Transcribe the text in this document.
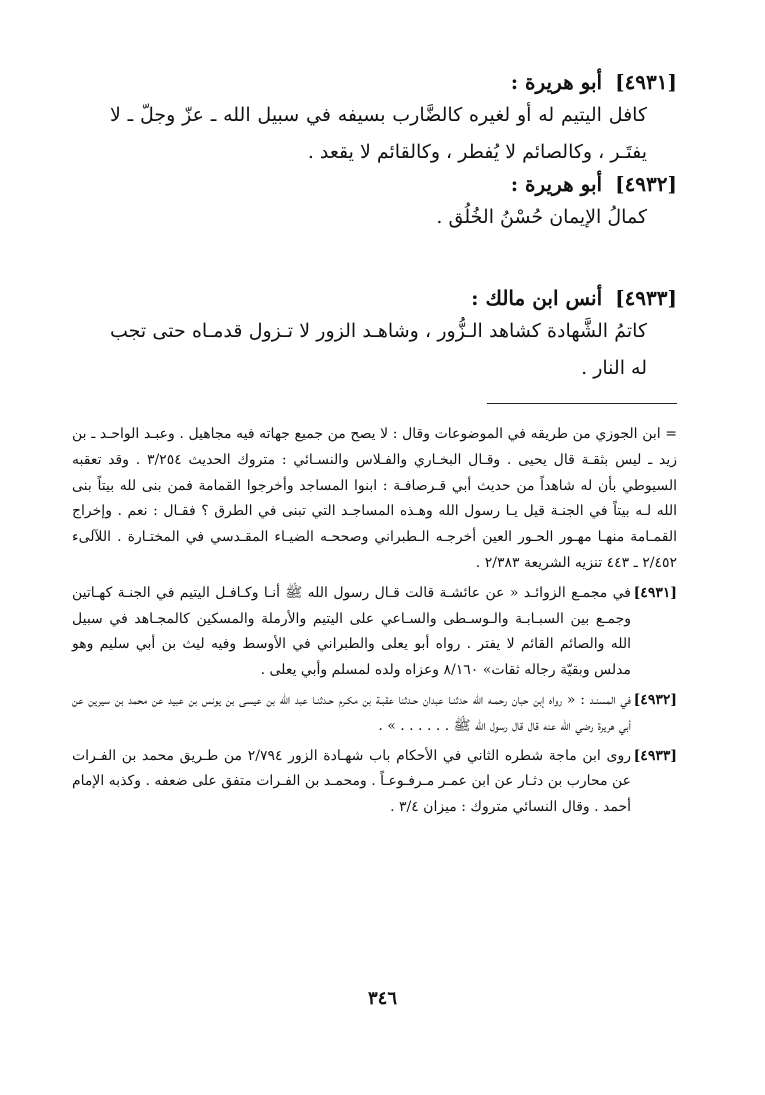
[٤٩٣١] أبو هريرة :
كافل اليتيم له أو لغيره كالضَّارب بسيفه في سبيل الله ـ عزّ وجلّ ـ لا يفتَـر ، وكالصائم لا يُفطر ، وكالقائم لا يقعد .
[٤٩٣٢] أبو هريرة :
كمالُ الإيمان حُسْنُ الخُلُق .
[٤٩٣٣] أنس ابن مالك :
كاتمُ الشَّهادة كشاهد الـزُّور ، وشاهـد الزور لا تـزول قدمـاه حتى تجب له النار .

= ابن الجوزي من طريقه في الموضوعات وقال : لا يصح من جميع جهاته فيه مجاهيل . وعبـد الواحـد ـ بن زيد ـ ليس بثقـة قال يحيى . وقـال البخـاري والفـلاس والنسـائي : متروك الحديث ٣/٢٥٤ . وقد تعقبه السيوطي بأن له شاهداً من حديث أبي قـرصافـة : ابنوا المساجد وأخرجوا القمامة فمن بنى لله بيتاً بنى الله لـه بيتاً في الجنـة قيل يـا رسول الله وهـذه المساجـد التي تبنى في الطرق ؟ فقـال : نعم . وإخراج القمـامة منهـا مهـور الحـور العين أخرجـه الـطبراني وصححـه الضيـاء المقـدسي في المختـارة . اللآلىء ٢/٤٥٢ ـ ٤٤٣ تنزيه الشريعة ٢/٣٨٣ .

[٤٩٣١]
في مجمـع الزوائـد « عن عائشـة قالت قـال رسول الله ﷺ أنـا وكـافـل اليتيم في الجنـة كهـاتين وجمـع بين السبـابـة والـوسـطى والسـاعي على اليتيم والأرملة والمسكين كالمجـاهد في سبيل الله والصائم القائم لا يفتر . رواه أبو يعلى والطبراني في الأوسط وفيه ليث بن أبي سليم وهو مدلس وبقيّة رجاله ثقات» ٨/١٦٠ وعزاه ولده لمسلم وأبي يعلى .
[٤٩٣٢]
في المسنـد : « رواه إبن حبان رحمـه الله حدثنـا عبدان حـدثنا عقبـة بن مكـرم حـدثنـا عبد الله بن عيسى بن يونس بن عبيد عن محمد بن سيرين عن أبي هريرة رضي الله عنه قال قال رسول الله ﷺ . . . . . . » .
[٤٩٣٣]
روى ابن ماجة شطره الثاني في الأحكام باب شهـادة الزور ٢/٧٩٤ من طـريق محمد بن الفـرات عن محارب بن دثـار عن ابن عمـر مـرفـوعـاً . ومحمـد بن الفـرات متفق على ضعفه . وكذبه الإمام أحمد . وقال النسائي متروك : ميزان ٣/٤ .
٣٤٦
